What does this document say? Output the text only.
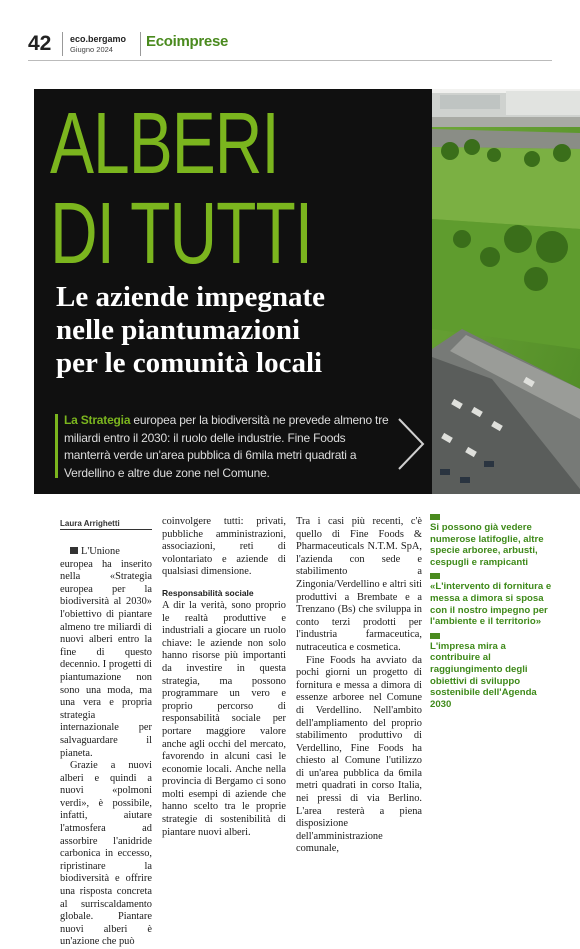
42 eco.bergamo
Giugno 2024 Ecoimprese
ALBERI
DI TUTTI
Le aziende impegnate
nelle piantumazioni
per le comunità locali
La Strategia europea per la biodiversità ne prevede almeno tre miliardi entro il 2030: il ruolo delle industrie. Fine Foods manterrà verde un'area pubblica di 6mila metri quadrati a Verdellino e altre due zone nel Comune.
Laura Arrighetti

L'Unione europea ha inserito nella «Strategia europea per la biodiversità al 2030» l'obiettivo di piantare almeno tre miliardi di nuovi alberi entro la fine di questo decennio. I progetti di piantumazione non sono una moda, ma una vera e propria strategia internazionale per salvaguardare il pianeta.

Grazie a nuovi alberi e quindi a nuovi «polmoni verdi», è possibile, infatti, aiutare l'atmosfera ad assorbire l'anidride carbonica in eccesso, ripristinare la biodiversità e offrire una risposta concreta al surriscaldamento globale. Piantare nuovi alberi è un'azione che può

coinvolgere tutti: privati, pubbliche amministrazioni, associazioni, reti di volontariato e aziende di qualsiasi dimensione.

Responsabilità sociale

A dir la verità, sono proprio le realtà produttive e industriali a giocare un ruolo chiave: le aziende non solo hanno risorse più importanti da investire in questa strategia, ma possono programmare un vero e proprio percorso di responsabilità sociale per portare maggiore valore anche agli occhi del mercato, favorendo in alcuni casi le economie locali. Anche nella provincia di Bergamo ci sono molti esempi di aziende che hanno scelto tra le proprie strategie di sostenibilità di piantare nuovi alberi.

Tra i casi più recenti, c'è quello di Fine Foods & Pharmaceuticals N.T.M. SpA, l'azienda con sede e stabilimento a Zingonia/Verdellino e altri siti produttivi a Brembate e a Trenzano (Bs) che sviluppa in conto terzi prodotti per l'industria farmaceutica, nutraceutica e cosmetica.

Fine Foods ha avviato da pochi giorni un progetto di fornitura e messa a dimora di essenze arboree nel Comune di Verdellino. Nell'ambito dell'ampliamento del proprio stabilimento produttivo di Verdellino, Fine Foods ha chiesto al Comune l'utilizzo di un'area pubblica da 6mila metri quadrati in corso Italia, nei pressi di via Berlino. L'area resterà a piena disposizione dell'amministrazione comunale,

Si possono già vedere numerose latifoglie, altre specie arboree, arbusti, cespugli e rampicanti
«L'intervento di fornitura e messa a dimora si sposa con il nostro impegno per l'ambiente e il territorio»
L'impresa mira a contribuire al raggiungimento degli obiettivi di sviluppo sostenibile dell'Agenda 2030
